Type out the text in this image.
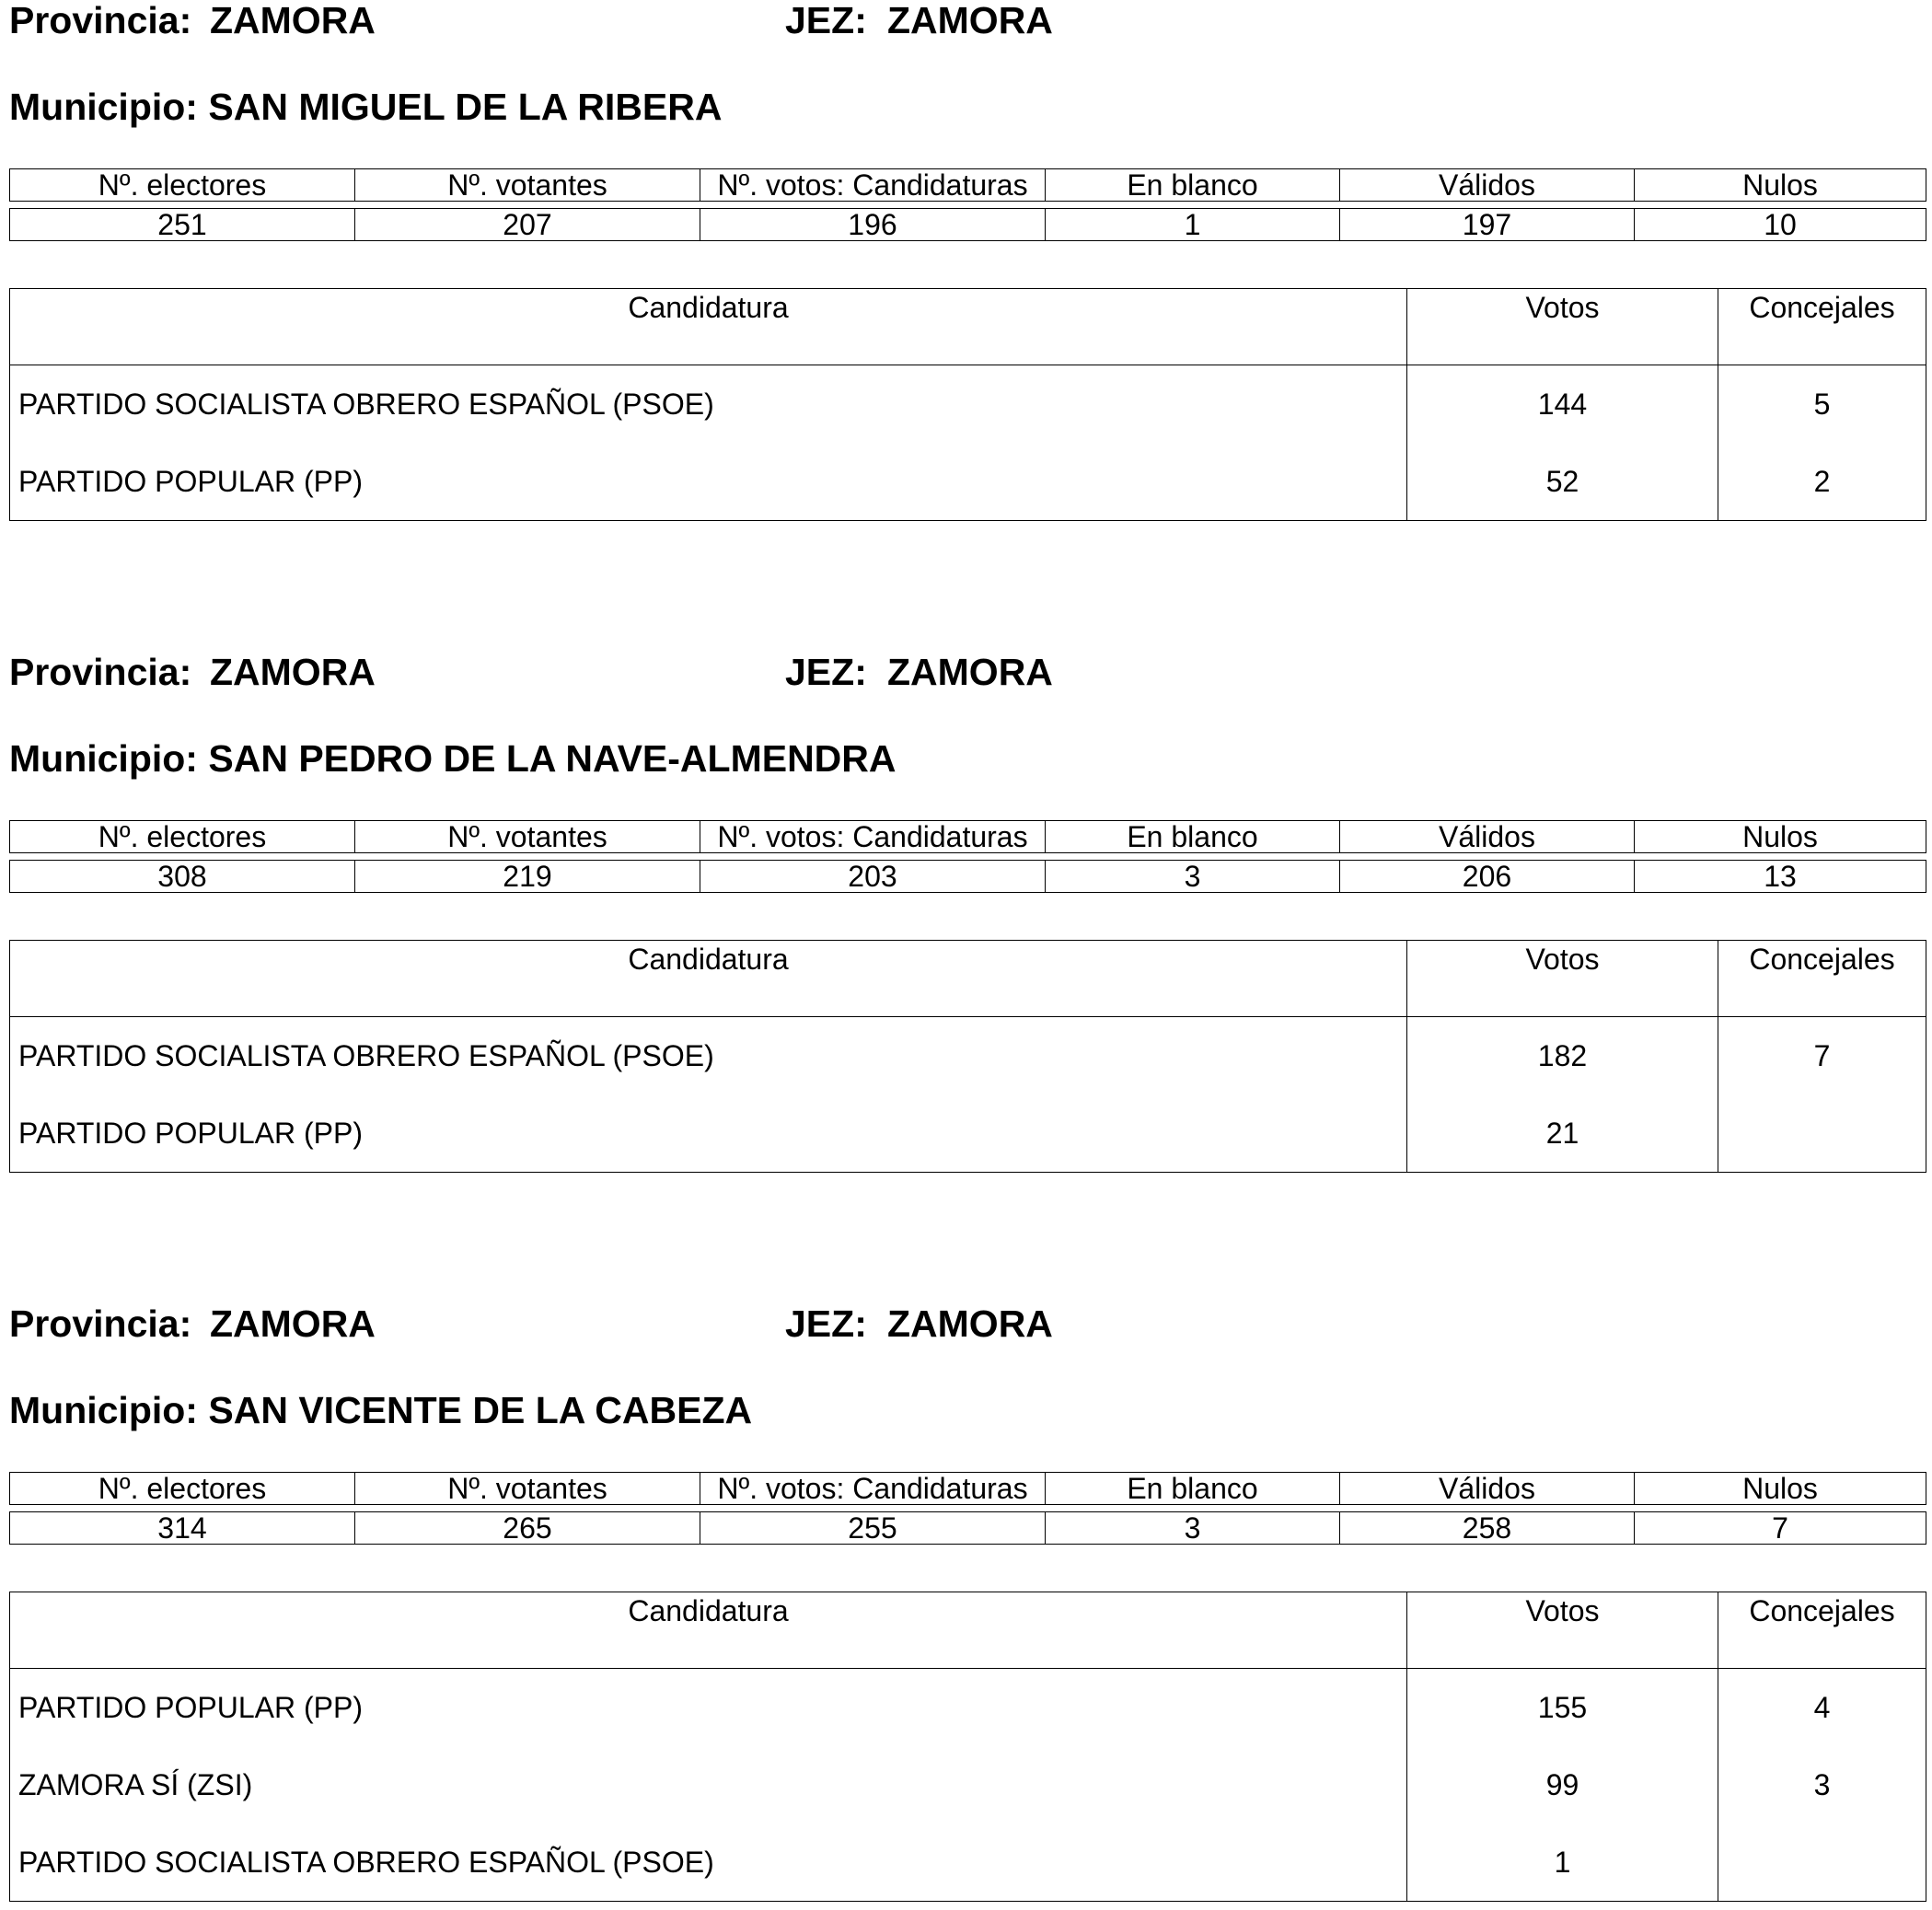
Provincia: ZAMORA	JEZ: ZAMORA
Municipio: SAN MIGUEL DE LA RIBERA
Nº. electores	Nº. votantes	Nº. votos: Candidaturas	En blanco	Válidos	Nulos
251	207	196	1	197	10
Candidatura	Votos	Concejales
PARTIDO SOCIALISTA OBRERO ESPAÑOL (PSOE)	144	5
PARTIDO POPULAR (PP)	52	2
Provincia: ZAMORA	JEZ: ZAMORA
Municipio: SAN PEDRO DE LA NAVE-ALMENDRA
Nº. electores	Nº. votantes	Nº. votos: Candidaturas	En blanco	Válidos	Nulos
308	219	203	3	206	13
Candidatura	Votos	Concejales
PARTIDO SOCIALISTA OBRERO ESPAÑOL (PSOE)	182	7
PARTIDO POPULAR (PP)	21	
Provincia: ZAMORA	JEZ: ZAMORA
Municipio: SAN VICENTE DE LA CABEZA
Nº. electores	Nº. votantes	Nº. votos: Candidaturas	En blanco	Válidos	Nulos
314	265	255	3	258	7
Candidatura	Votos	Concejales
PARTIDO POPULAR (PP)	155	4
ZAMORA SÍ (ZSI)	99	3
PARTIDO SOCIALISTA OBRERO ESPAÑOL (PSOE)	1	
